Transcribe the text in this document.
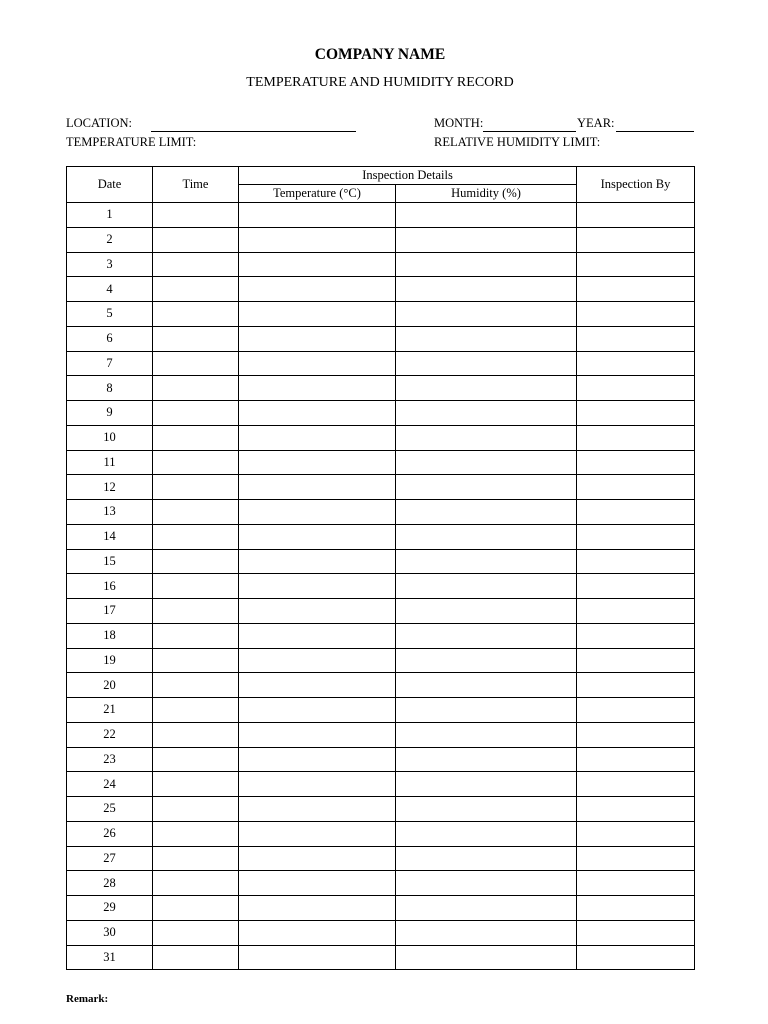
COMPANY NAME
TEMPERATURE AND HUMIDITY RECORD
LOCATION:
TEMPERATURE LIMIT:
MONTH:	YEAR:
RELATIVE HUMIDITY LIMIT:
Date	Time	Inspection Details		Inspection By
		Temperature (°C)	Humidity (%)	
1				
2				
3				
4				
5				
6				
7				
8				
9				
10				
11				
12				
13				
14				
15				
16				
17				
18				
19				
20				
21				
22				
23				
24				
25				
26				
27				
28				
29				
30				
31				
Remark:
